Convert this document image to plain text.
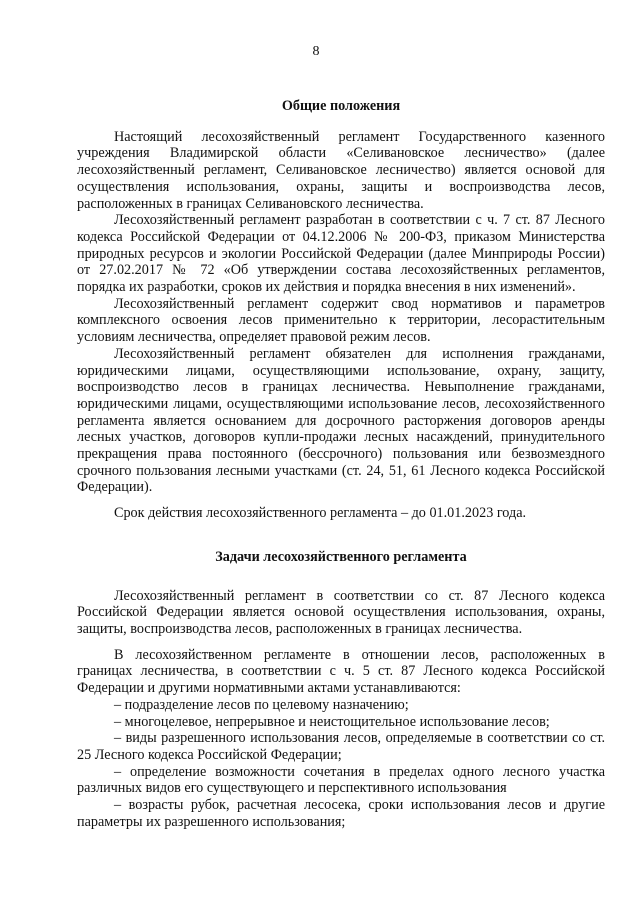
8
Общие положения

Настоящий лесохозяйственный регламент Государственного казенного учреждения Владимирской области «Селивановское лесничество» (далее лесохозяйственный регламент, Селивановское лесничество) является основой для осуществления использования, охраны, защиты и воспроизводства лесов, расположенных в границах Селивановского лесничества.

Лесохозяйственный регламент разработан в соответствии с ч. 7 ст. 87 Лесного кодекса Российской Федерации от 04.12.2006 № 200-ФЗ, приказом Министерства природных ресурсов и экологии Российской Федерации (далее Минприроды России) от 27.02.2017 № 72 «Об утверждении состава лесохозяйственных регламентов, порядка их разработки, сроков их действия и порядка внесения в них изменений».

Лесохозяйственный регламент содержит свод нормативов и параметров комплексного освоения лесов применительно к территории, лесорастительным условиям лесничества, определяет правовой режим лесов.

Лесохозяйственный регламент обязателен для исполнения гражданами, юридическими лицами, осуществляющими использование, охрану, защиту, воспроизводство лесов в границах лесничества. Невыполнение гражданами, юридическими лицами, осуществляющими использование лесов, лесохозяйственного регламента является основанием для досрочного расторжения договоров аренды лесных участков, договоров купли-продажи лесных насаждений, принудительного прекращения права постоянного (бессрочного) пользования или безвозмездного срочного пользования лесными участками (ст. 24, 51, 61 Лесного кодекса Российской Федерации).

Срок действия лесохозяйственного регламента – до 01.01.2023 года.

Задачи лесохозяйственного регламента

Лесохозяйственный регламент в соответствии со ст. 87 Лесного кодекса Российской Федерации является основой осуществления использования, охраны, защиты, воспроизводства лесов, расположенных в границах лесничества.

В лесохозяйственном регламенте в отношении лесов, расположенных в границах лесничества, в соответствии с ч. 5 ст. 87 Лесного кодекса Российской Федерации и другими нормативными актами устанавливаются:

– подразделение лесов по целевому назначению;

– многоцелевое, непрерывное и неистощительное использование лесов;

– виды разрешенного использования лесов, определяемые в соответствии со ст. 25 Лесного кодекса Российской Федерации;

– определение возможности сочетания в пределах одного лесного участка различных видов его существующего и перспективного использования

– возрасты рубок, расчетная лесосека, сроки использования лесов и другие параметры их разрешенного использования;
